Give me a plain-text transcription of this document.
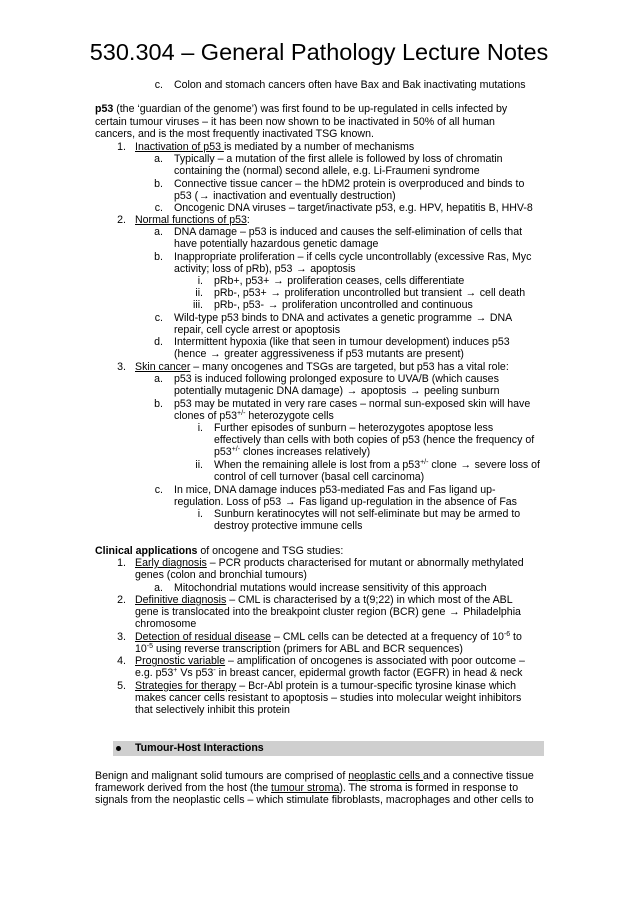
530.304 – General Pathology Lecture Notes
c. Colon and stomach cancers often have Bax and Bak inactivating mutations

p53 (the ‘guardian of the genome’) was first found to be up-regulated in cells infected by

certain tumour viruses – it has been now shown to be inactivated in 50% of all human

cancers, and is the most frequently inactivated TSG known.

1. Inactivation of p53 is mediated by a number of mechanisms

a. Typically – a mutation of the first allele is followed by loss of chromatin

containing the (normal) second allele, e.g. Li-Fraumeni syndrome

b. Connective tissue cancer – the hDM2 protein is overproduced and binds to

p53 (→ inactivation and eventually destruction)

c. Oncogenic DNA viruses – target/inactivate p53, e.g. HPV, hepatitis B, HHV-8

2. Normal functions of p53:

a. DNA damage – p53 is induced and causes the self-elimination of cells that

have potentially hazardous genetic damage

b. Inappropriate proliferation – if cells cycle uncontrollably (excessive Ras, Myc

activity; loss of pRb), p53 → apoptosis

i. pRb+, p53+ → proliferation ceases, cells differentiate

ii. pRb-, p53+ → proliferation uncontrolled but transient → cell death

iii. pRb-, p53- → proliferation uncontrolled and continuous

c. Wild-type p53 binds to DNA and activates a genetic programme → DNA

repair, cell cycle arrest or apoptosis

d. Intermittent hypoxia (like that seen in tumour development) induces p53

(hence → greater aggressiveness if p53 mutants are present)

3. Skin cancer – many oncogenes and TSGs are targeted, but p53 has a vital role:

a. p53 is induced following prolonged exposure to UVA/B (which causes

potentially mutagenic DNA damage) → apoptosis → peeling sunburn

b. p53 may be mutated in very rare cases – normal sun-exposed skin will have

clones of p53+/- heterozygote cells

i. Further episodes of sunburn – heterozygotes apoptose less

effectively than cells with both copies of p53 (hence the frequency of

p53+/- clones increases relatively)

ii. When the remaining allele is lost from a p53+/- clone → severe loss of

control of cell turnover (basal cell carcinoma)

c. In mice, DNA damage induces p53-mediated Fas and Fas ligand up-

regulation. Loss of p53 → Fas ligand up-regulation in the absence of Fas

i. Sunburn keratinocytes will not self-eliminate but may be armed to

destroy protective immune cells

Clinical applications of oncogene and TSG studies:

1. Early diagnosis – PCR products characterised for mutant or abnormally methylated

genes (colon and bronchial tumours)

a. Mitochondrial mutations would increase sensitivity of this approach

2. Definitive diagnosis – CML is characterised by a t(9;22) in which most of the ABL

gene is translocated into the breakpoint cluster region (BCR) gene → Philadelphia

chromosome

3. Detection of residual disease – CML cells can be detected at a frequency of $10^{-6}$ to

$10^{-5}$ using reverse transcription (primers for ABL and BCR sequences)

4. Prognostic variable – amplification of oncogenes is associated with poor outcome –

e.g. p53+ Vs p53- in breast cancer, epidermal growth factor (EGFR) in head & neck

5. Strategies for therapy – Bcr-Abl protein is a tumour-specific tyrosine kinase which

makes cancer cells resistant to apoptosis – studies into molecular weight inhibitors

that selectively inhibit this protein

Tumour-Host Interactions

Benign and malignant solid tumours are comprised of neoplastic cells and a connective tissue

framework derived from the host (the tumour stroma). The stroma is formed in response to

signals from the neoplastic cells – which stimulate fibroblasts, macrophages and other cells to
